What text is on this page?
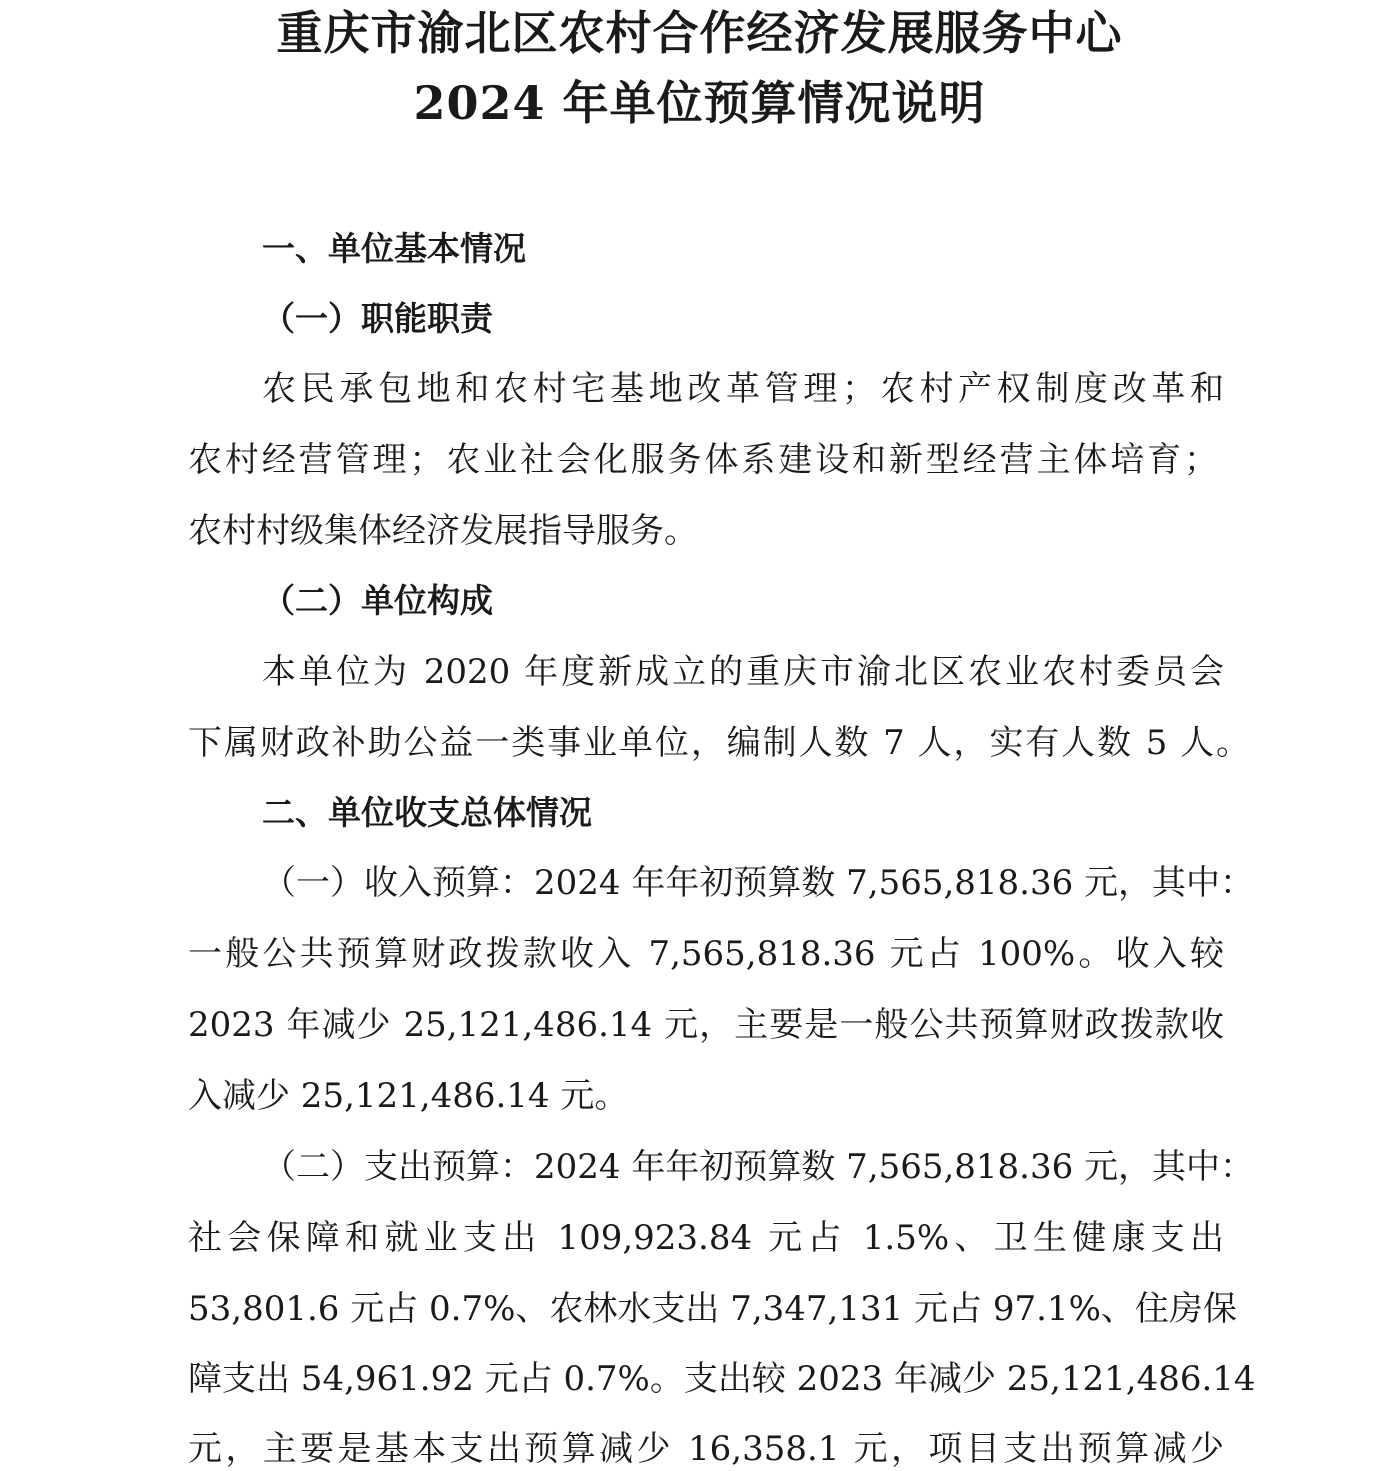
重庆市渝北区农村合作经济发展服务中心
2024 年单位预算情况说明
一、单位基本情况
（一）职能职责

农民承包地和农村宅基地改革管理；农村产权制度改革和

农村经营管理；农业社会化服务体系建设和新型经营主体培育；

农村村级集体经济发展指导服务。

（二）单位构成

本单位为 2020 年度新成立的重庆市渝北区农业农村委员会

下属财政补助公益一类事业单位，编制人数 7 人，实有人数 5 人。

二、单位收支总体情况

（一）收入预算：2024 年年初预算数 7,565,818.36 元，其中：

一般公共预算财政拨款收入 7,565,818.36 元占 100%。收入较

2023 年减少 25,121,486.14 元，主要是一般公共预算财政拨款收

入减少 25,121,486.14 元。

（二）支出预算：2024 年年初预算数 7,565,818.36 元，其中：

社会保障和就业支出 109,923.84 元占 1.5%、卫生健康支出

53,801.6 元占 0.7%、农林水支出 7,347,131 元占 97.1%、住房保

障支出 54,961.92 元占 0.7%。支出较 2023 年减少 25,121,486.14

元，主要是基本支出预算减少 16,358.1 元，项目支出预算减少
